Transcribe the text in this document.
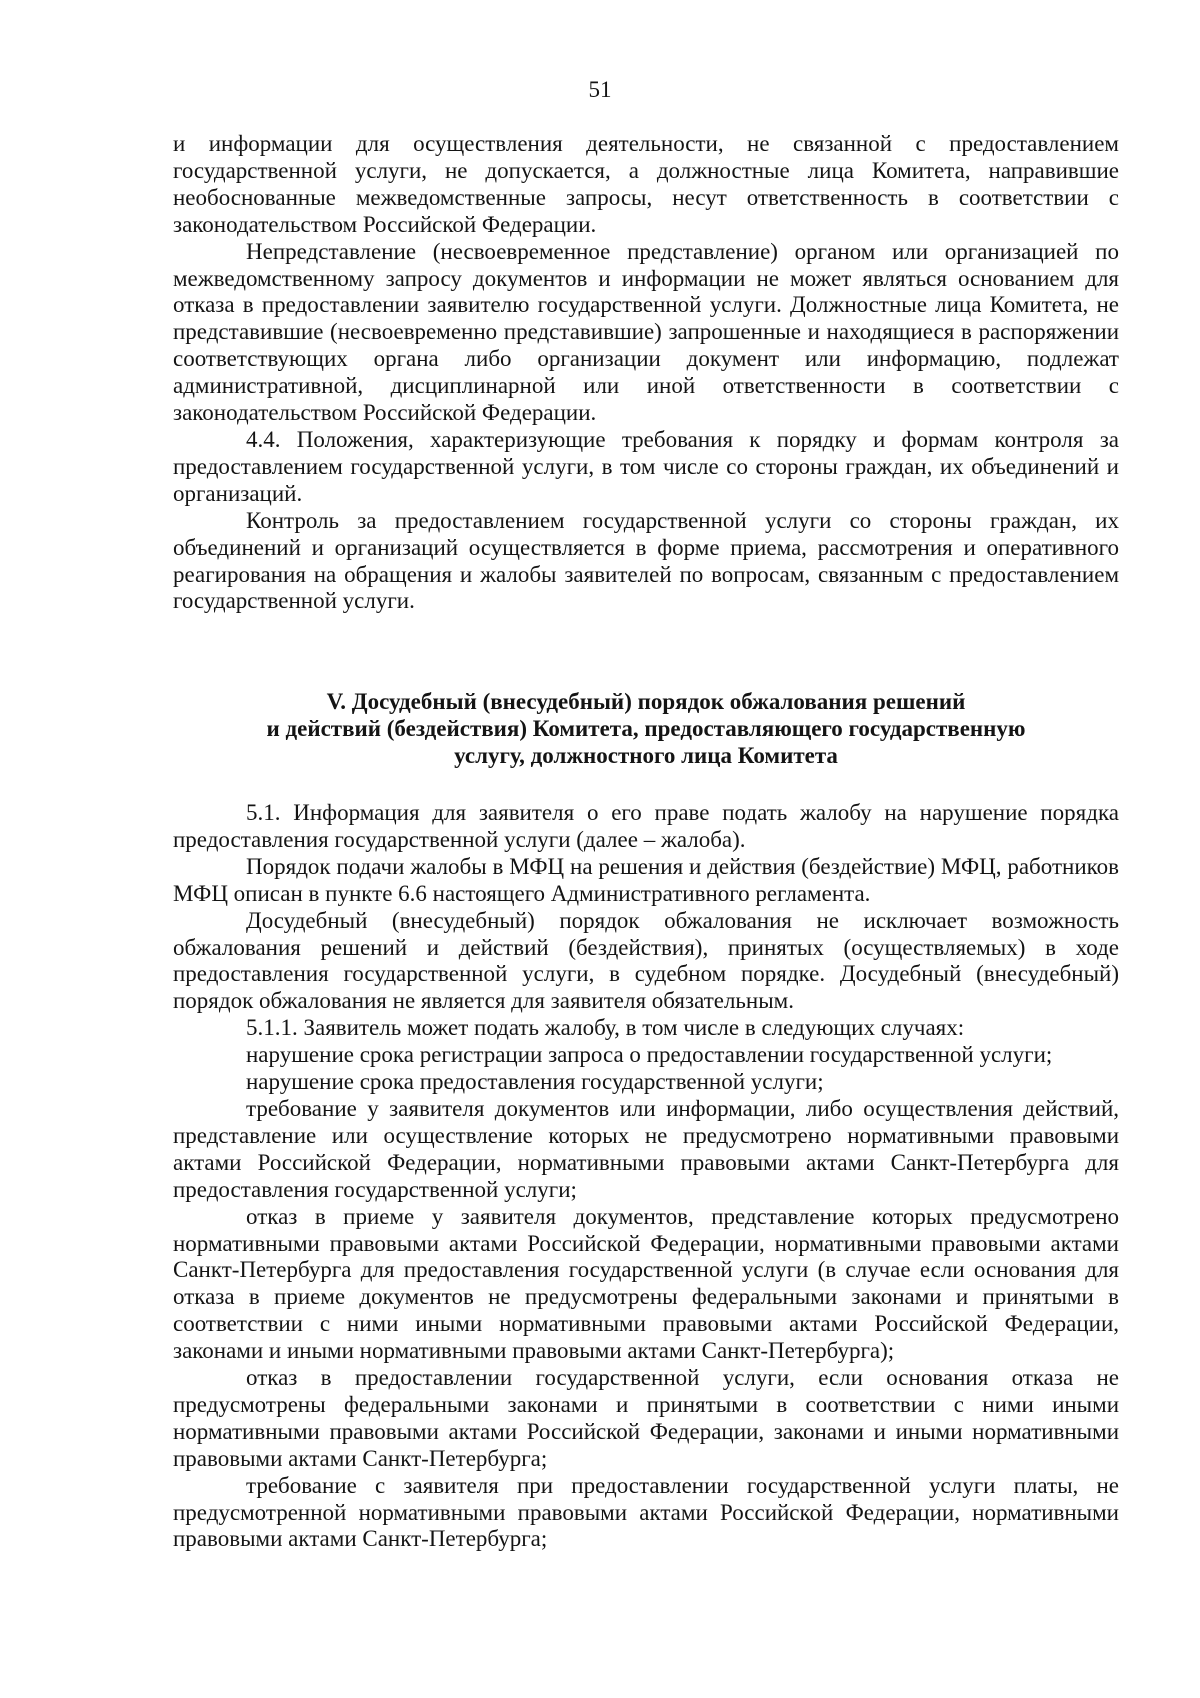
51

и информации для осуществления деятельности, не связанной с предоставлением государственной услуги, не допускается, а должностные лица Комитета, направившие необоснованные межведомственные запросы, несут ответственность в соответствии с законодательством Российской Федерации.

Непредставление (несвоевременное представление) органом или организацией по межведомственному запросу документов и информации не может являться основанием для отказа в предоставлении заявителю государственной услуги. Должностные лица Комитета, не представившие (несвоевременно представившие) запрошенные и находящиеся в распоряжении соответствующих органа либо организации документ или информацию, подлежат административной, дисциплинарной или иной ответственности в соответствии с законодательством Российской Федерации.

4.4. Положения, характеризующие требования к порядку и формам контроля за предоставлением государственной услуги, в том числе со стороны граждан, их объединений и организаций.

Контроль за предоставлением государственной услуги со стороны граждан, их объединений и организаций осуществляется в форме приема, рассмотрения и оперативного реагирования на обращения и жалобы заявителей по вопросам, связанным с предоставлением государственной услуги.

V. Досудебный (внесудебный) порядок обжалования решений
и действий (бездействия) Комитета, предоставляющего государственную
услугу, должностного лица Комитета

5.1. Информация для заявителя о его праве подать жалобу на нарушение порядка предоставления государственной услуги (далее – жалоба).

Порядок подачи жалобы в МФЦ на решения и действия (бездействие) МФЦ, работников МФЦ описан в пункте 6.6 настоящего Административного регламента.

Досудебный (внесудебный) порядок обжалования не исключает возможность обжалования решений и действий (бездействия), принятых (осуществляемых) в ходе предоставления государственной услуги, в судебном порядке. Досудебный (внесудебный) порядок обжалования не является для заявителя обязательным.

5.1.1. Заявитель может подать жалобу, в том числе в следующих случаях:

нарушение срока регистрации запроса о предоставлении государственной услуги;

нарушение срока предоставления государственной услуги;

требование у заявителя документов или информации, либо осуществления действий, представление или осуществление которых не предусмотрено нормативными правовыми актами Российской Федерации, нормативными правовыми актами Санкт-Петербурга для предоставления государственной услуги;

отказ в приеме у заявителя документов, представление которых предусмотрено нормативными правовыми актами Российской Федерации, нормативными правовыми актами Санкт-Петербурга для предоставления государственной услуги (в случае если основания для отказа в приеме документов не предусмотрены федеральными законами и принятыми в соответствии с ними иными нормативными правовыми актами Российской Федерации, законами и иными нормативными правовыми актами Санкт-Петербурга);

отказ в предоставлении государственной услуги, если основания отказа не предусмотрены федеральными законами и принятыми в соответствии с ними иными нормативными правовыми актами Российской Федерации, законами и иными нормативными правовыми актами Санкт-Петербурга;

требование с заявителя при предоставлении государственной услуги платы, не предусмотренной нормативными правовыми актами Российской Федерации, нормативными правовыми актами Санкт-Петербурга;
